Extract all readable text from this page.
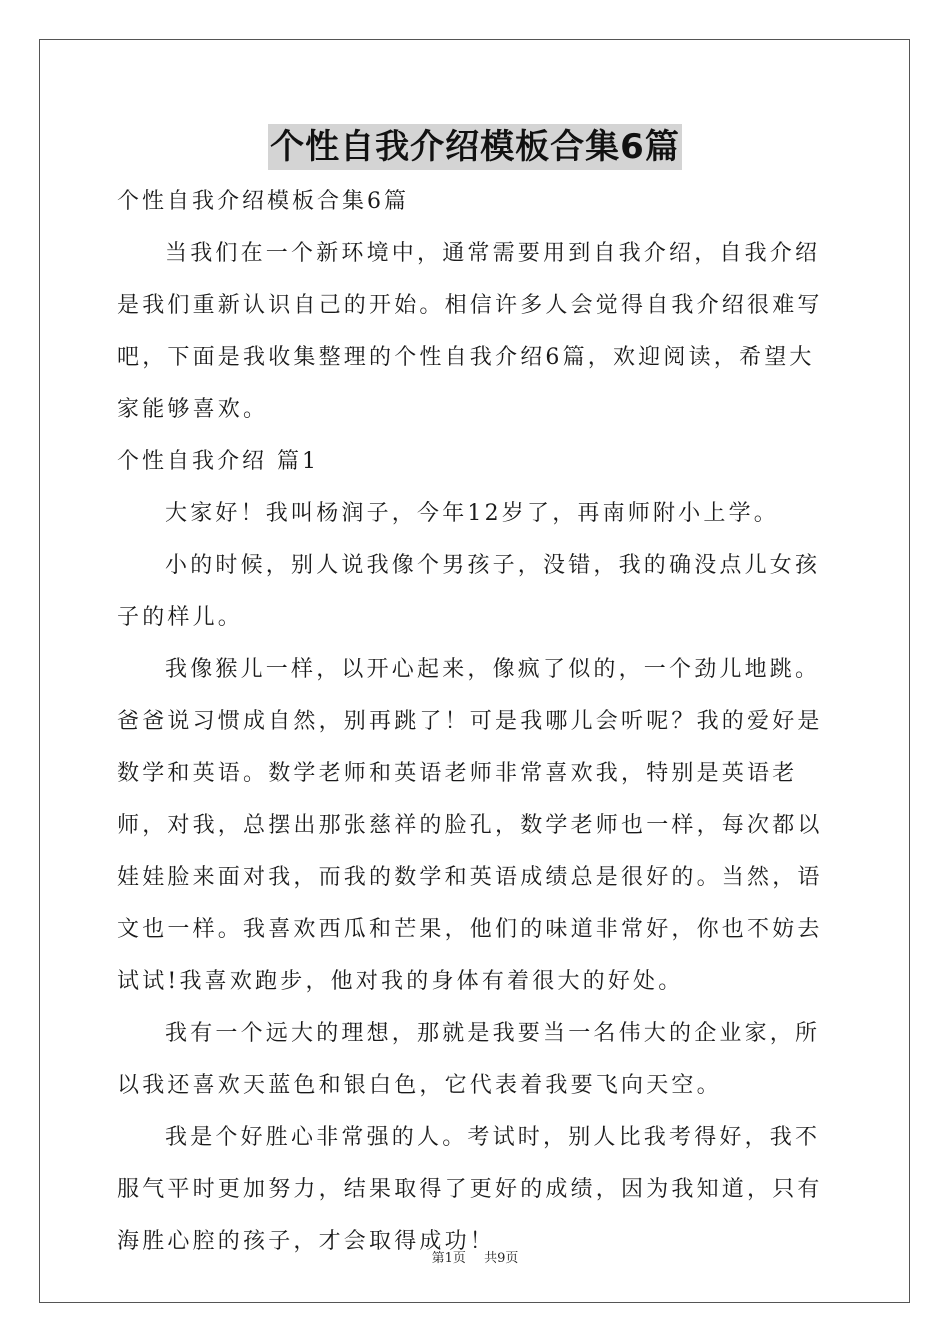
个性自我介绍模板合集6篇

个性自我介绍模板合集6篇

当我们在一个新环境中，通常需要用到自我介绍，自我介绍是我们重新认识自己的开始。相信许多人会觉得自我介绍很难写吧，下面是我收集整理的个性自我介绍6篇，欢迎阅读，希望大家能够喜欢。

个性自我介绍 篇1

大家好！我叫杨润子，今年12岁了，再南师附小上学。

小的时候，别人说我像个男孩子，没错，我的确没点儿女孩子的样儿。

我像猴儿一样，以开心起来，像疯了似的，一个劲儿地跳。爸爸说习惯成自然，别再跳了！可是我哪儿会听呢？我的爱好是数学和英语。数学老师和英语老师非常喜欢我，特别是英语老师，对我，总摆出那张慈祥的脸孔，数学老师也一样，每次都以娃娃脸来面对我，而我的数学和英语成绩总是很好的。当然，语文也一样。我喜欢西瓜和芒果，他们的味道非常好，你也不妨去试试!我喜欢跑步，他对我的身体有着很大的好处。

我有一个远大的理想，那就是我要当一名伟大的企业家，所以我还喜欢天蓝色和银白色，它代表着我要飞向天空。

我是个好胜心非常强的人。考试时，别人比我考得好，我不服气平时更加努力，结果取得了更好的成绩，因为我知道，只有海胜心腔的孩子，才会取得成功！

第1页 共9页
